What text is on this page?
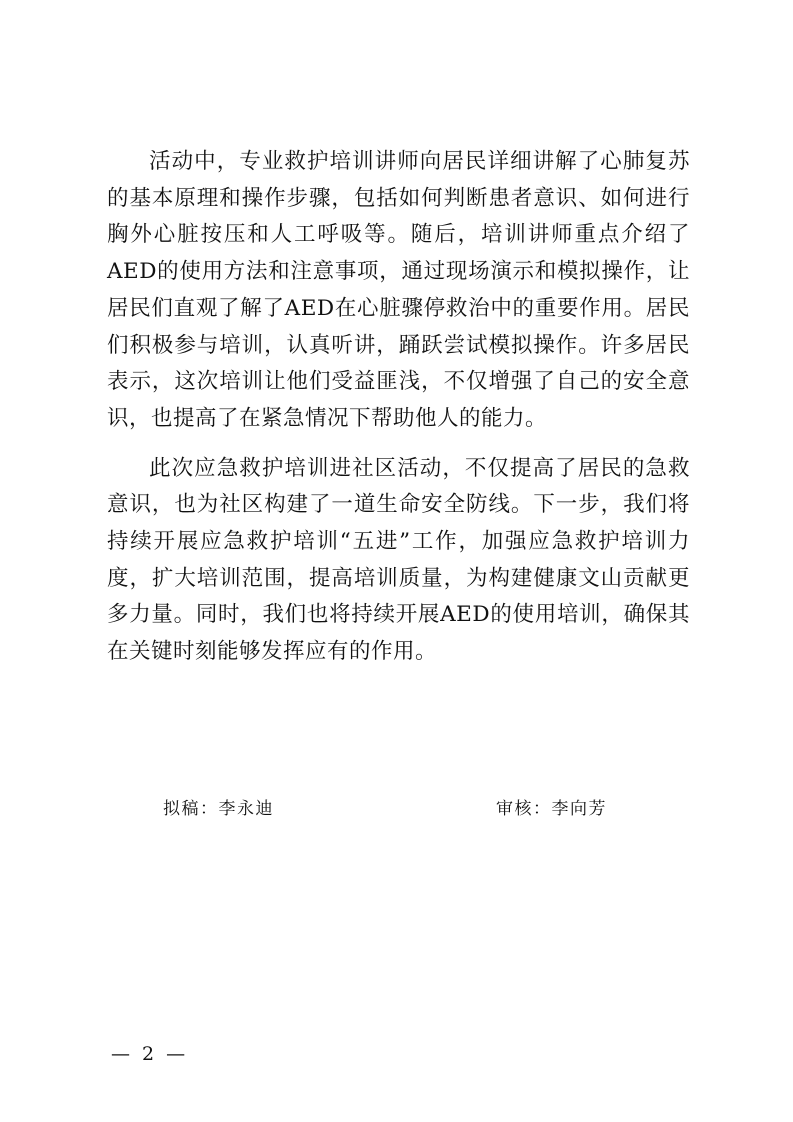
活动中，专业救护培训讲师向居民详细讲解了心肺复苏的基本原理和操作步骤，包括如何判断患者意识、如何进行胸外心脏按压和人工呼吸等。随后，培训讲师重点介绍了AED的使用方法和注意事项，通过现场演示和模拟操作，让居民们直观了解了AED在心脏骤停救治中的重要作用。居民们积极参与培训，认真听讲，踊跃尝试模拟操作。许多居民表示，这次培训让他们受益匪浅，不仅增强了自己的安全意识，也提高了在紧急情况下帮助他人的能力。

此次应急救护培训进社区活动，不仅提高了居民的急救意识，也为社区构建了一道生命安全防线。下一步，我们将持续开展应急救护培训“五进”工作，加强应急救护培训力度，扩大培训范围，提高培训质量，为构建健康文山贡献更多力量。同时，我们也将持续开展AED的使用培训，确保其在关键时刻能够发挥应有的作用。

拟稿：李永迪	审核：李向芳
— 2 —
